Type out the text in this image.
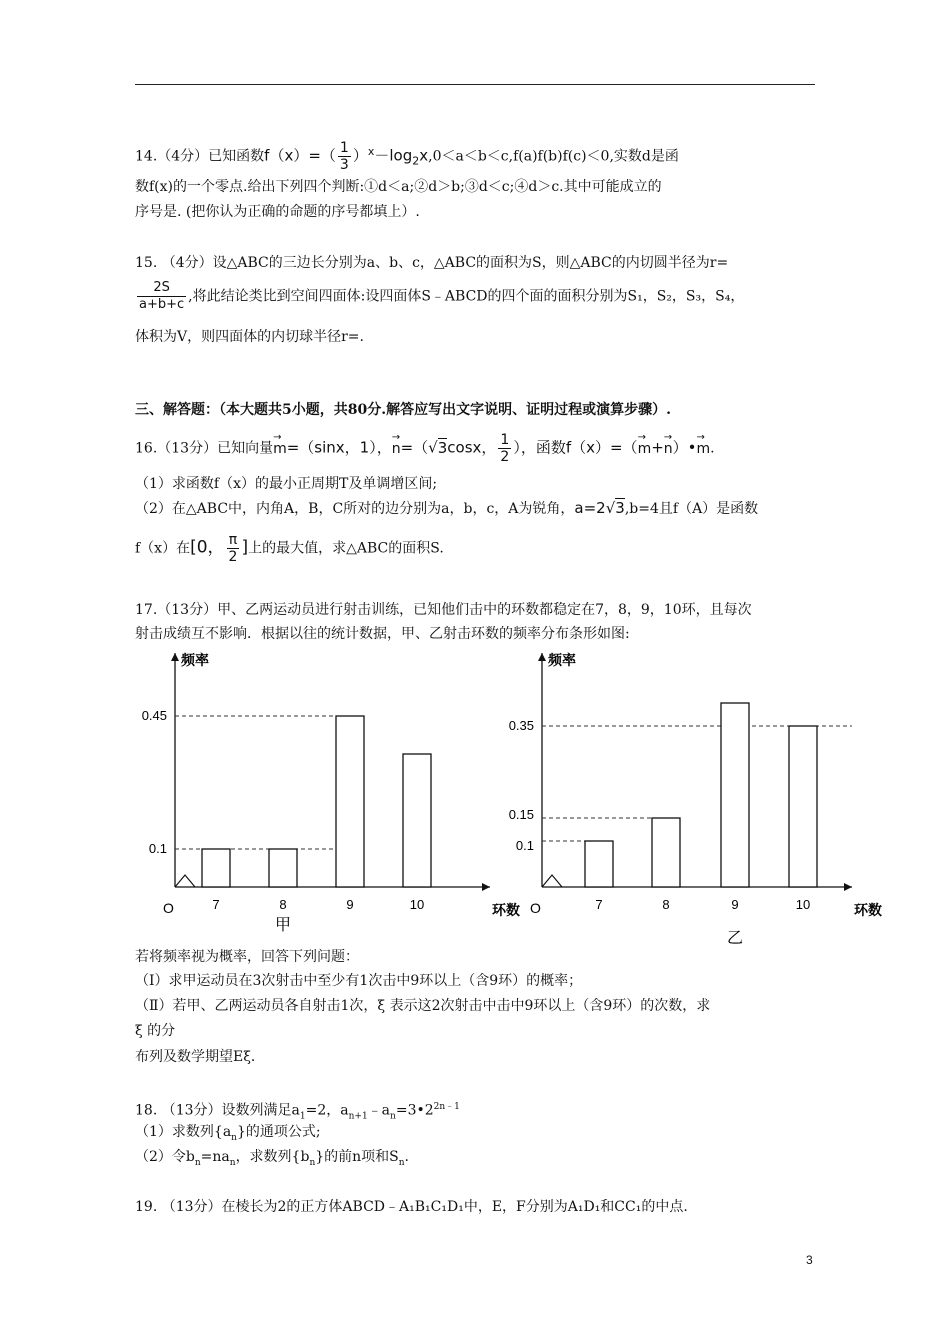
14.（4分）已知函数$f(x)=( \frac{1}{3} )^x-\log_2x,0<a<b<c,f(a)f(b)f(c)<0$,实数d是函
数f(x)的一个零点.给出下列四个判断:①d＜a;②d＞b;③d＜c;④d＞c.其中可能成立的
序号是. (把你认为正确的命题的序号都填上）.
15. （4分）设△ABC的三边长分别为a、b、c，△ABC的面积为S，则△ABC的内切圆半径为r=
$\frac{2S}{a+b+c}$ ,将此结论类比到空间四面体:设四面体S﹣ABCD的四个面的面积分别为S₁，S₂，S₃，S₄，
体积为V，则四面体的内切球半径r=.
三、解答题：（本大题共5小题，共80分.解答应写出文字说明、证明过程或演算步骤）.
16.（13分）已知向量→ m=（sinx，1），→ n=（√3cosx， $\frac{1}{2}$ ），函数f（x）=（→ m+→ n）•→ m.
（1）求函数f（x）的最小正周期T及单调增区间;
（2）在△ABC中，内角A，B，C所对的边分别为a，b，c，A为锐角，a=2√3,b=4且f（A）是函数
f（x）在[0， $\frac{\pi}{2}$ ]上的最大值，求△ABC的面积S.
17.（13分）甲、乙两运动员进行射击训练，已知他们击中的环数都稳定在7，8，9，10环，且每次
射击成绩互不影响．根据以往的统计数据，甲、乙射击环数的频率分布条形如图:
频率
环数
O
0.1
0.45
7	8	9	10
甲
频率
环数
O
0.35
0.15
0.1
7	8	9	10
乙
若将频率视为概率，回答下列问题：
（Ⅰ）求甲运动员在3次射击中至少有1次击中9环以上（含9环）的概率；
（Ⅱ）若甲、乙两运动员各自射击1次，ξ 表示这2次射击中击中9环以上（含9环）的次数，求
ξ 的分
布列及数学期望Eξ．
18. （13分）设数列满足$a_1=2$，$a_{n+1}﹣a_n=3•2^{2n﹣1}$
（1）求数列$\{a_n\}$的通项公式;
（2）令$b_n=na_n$，求数列$\{b_n\}$的前n项和$S_n$.
19. （13分）在棱长为2的正方体ABCD﹣A₁B₁C₁D₁中，E，F分别为A₁D₁和CC₁的中点.
3
